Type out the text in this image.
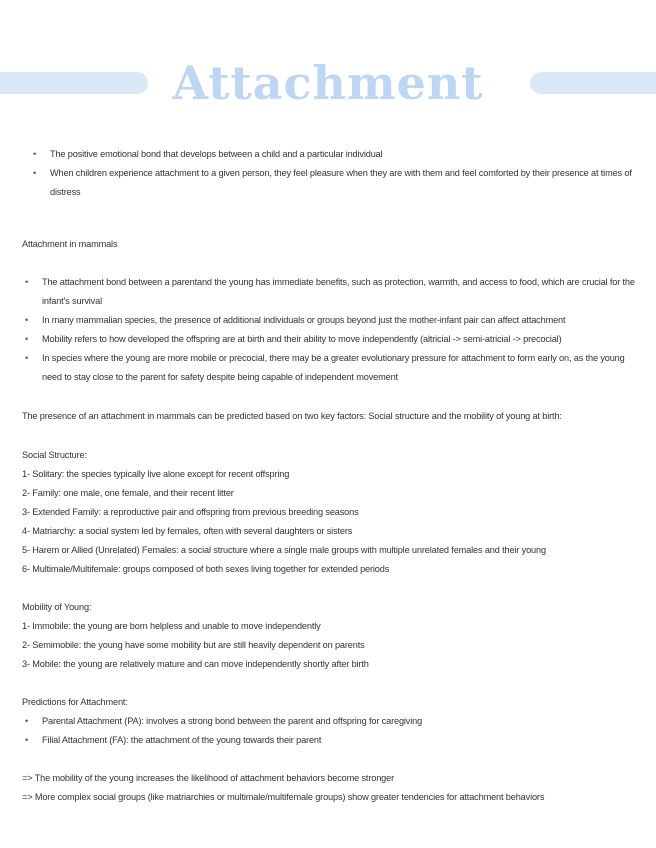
Attachment
• The positive emotional bond that develops between a child and a particular individual
• When children experience attachment to a given person, they feel pleasure when they are with them and feel comforted by their presence at times of distress

Attachment in mammals

• The attachment bond between a parentand the young has immediate benefits, such as protection, warmth, and access to food, which are crucial for the infant's survival
• In many mammalian species, the presence of additional individuals or groups beyond just the mother-infant pair can affect attachment
• Mobility refers to how developed the offspring are at birth and their ability to move independently (altricial -> semi-atricial -> precocial)
• In species where the young are more mobile or precocial, there may be a greater evolutionary pressure for attachment to form early on, as the young need to stay close to the parent for safety despite being capable of independent movement

The presence of an attachment in mammals can be predicted based on two key factors: Social structure and the mobility of young at birth:

Social Structure:

1- Solitary: the species typically live alone except for recent offspring

2- Family: one male, one female, and their recent litter

3- Extended Family: a reproductive pair and offspring from previous breeding seasons

4- Matriarchy: a social system led by females, often with several daughters or sisters

5- Harem or Allied (Unrelated) Females: a social structure where a single male groups with multiple unrelated females and their young

6- Multimale/Multifemale: groups composed of both sexes living together for extended periods

Mobility of Young:

1- Immobile: the young are born helpless and unable to move independently

2- Semimobile: the young have some mobility but are still heavily dependent on parents

3- Mobile: the young are relatively mature and can move independently shortly after birth

Predictions for Attachment:

• Parental Attachment (PA): involves a strong bond between the parent and offspring for caregiving
• Filial Attachment (FA): the attachment of the young towards their parent

=> The mobility of the young increases the likelihood of attachment behaviors become stronger

=> More complex social groups (like matriarchies or multimale/multifemale groups) show greater tendencies for attachment behaviors
